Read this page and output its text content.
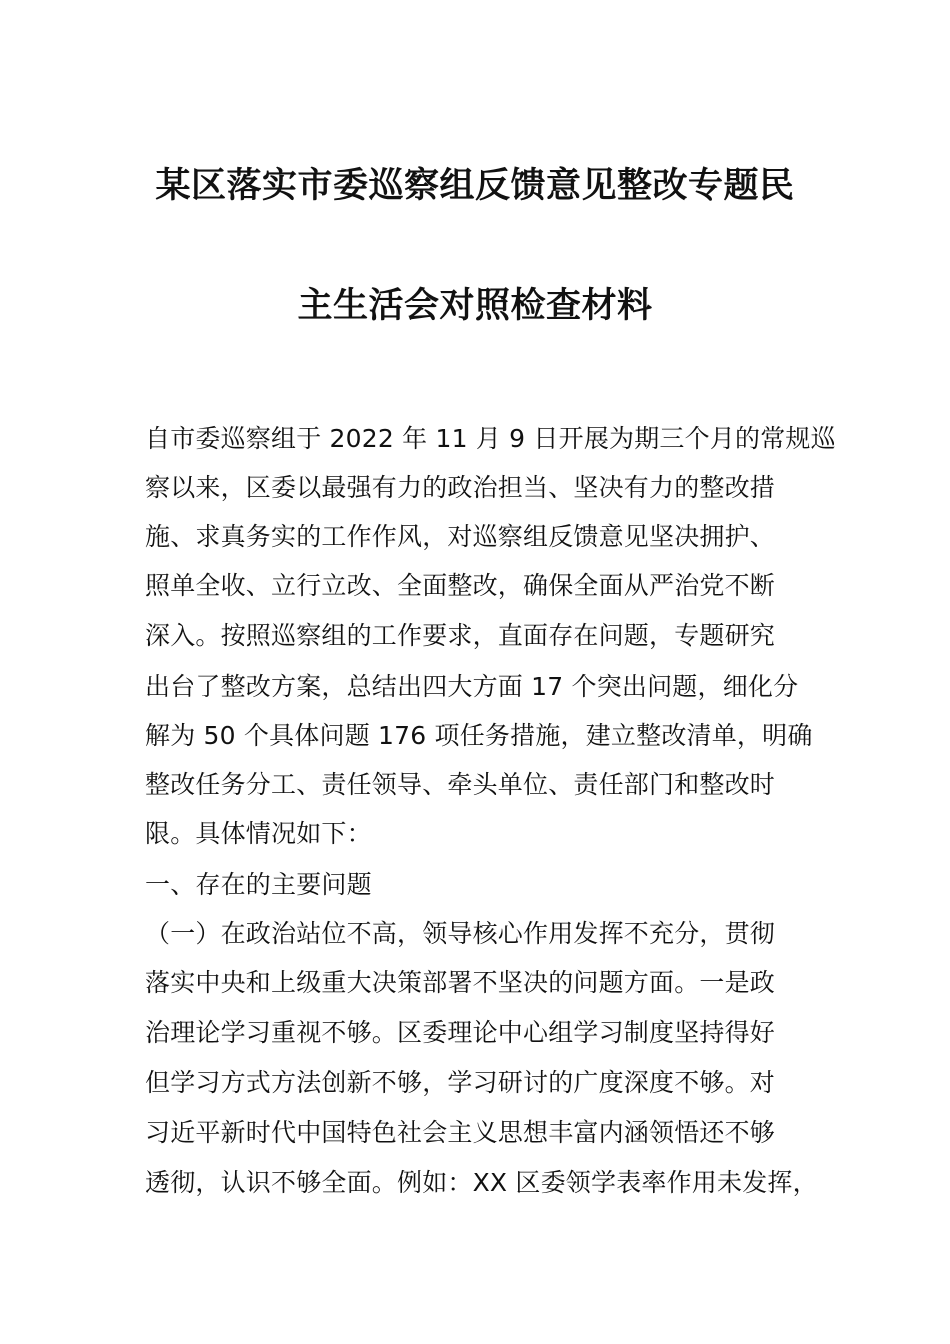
某区落实市委巡察组反馈意见整改专题民
主生活会对照检查材料
自市委巡察组于 2022 年 11 月 9 日开展为期三个月的常规巡
察以来，区委以最强有力的政治担当、坚决有力的整改措
施、求真务实的工作作风，对巡察组反馈意见坚决拥护、
照单全收、立行立改、全面整改，确保全面从严治党不断
深入。按照巡察组的工作要求，直面存在问题，专题研究
出台了整改方案，总结出四大方面 17 个突出问题，细化分
解为 50 个具体问题 176 项任务措施，建立整改清单，明确
整改任务分工、责任领导、牵头单位、责任部门和整改时
限。具体情况如下：
一、存在的主要问题
（一）在政治站位不高，领导核心作用发挥不充分，贯彻
落实中央和上级重大决策部署不坚决的问题方面。一是政
治理论学习重视不够。区委理论中心组学习制度坚持得好
但学习方式方法创新不够，学习研讨的广度深度不够。对
习近平新时代中国特色社会主义思想丰富内涵领悟还不够
透彻，认识不够全面。例如：XX 区委领学表率作用未发挥，
